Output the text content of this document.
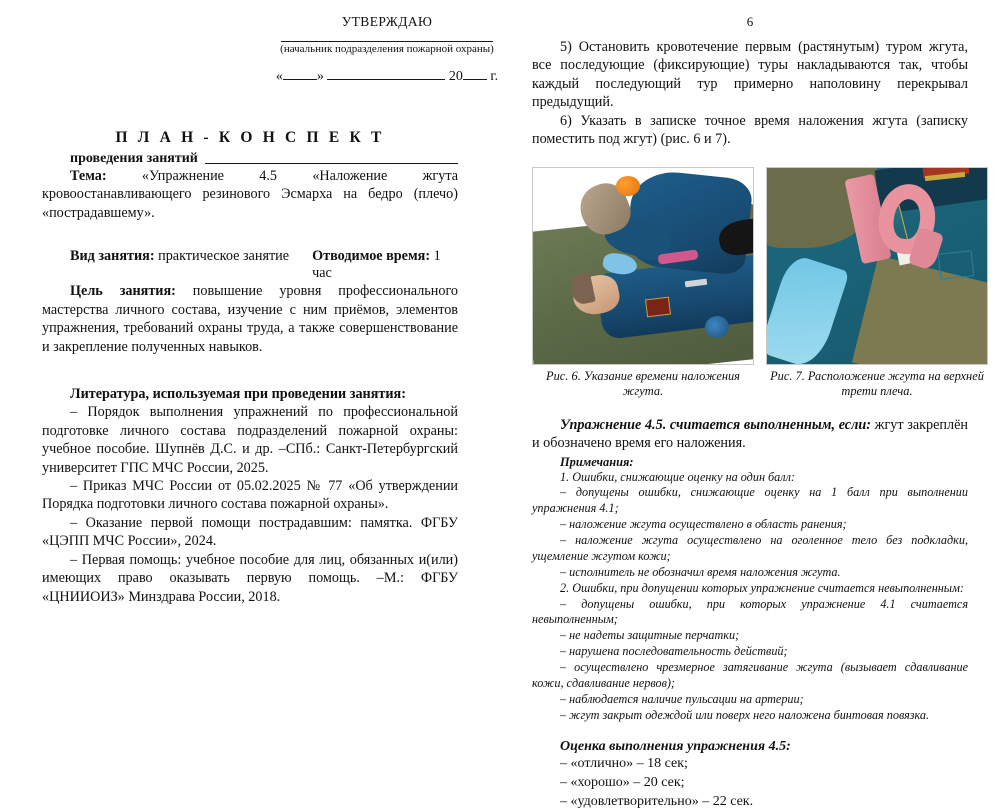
УТВЕРЖДАЮ
(начальник подразделения пожарной охраны)
« »	20 г.
П Л А Н - К О Н С П Е К Т
проведения занятий

Тема: «Упражнение 4.5 «Наложение жгута кровоостанавливающего резинового Эсмарха на бедро (плечо) «пострадавшему».

Вид занятия: практическое занятие	Отводимое время: 1 час

Цель занятия: повышение уровня профессионального мастерства личного состава, изучение с ним приёмов, элементов упражнения, требований охраны труда, а также совершенствование и закрепление полученных навыков.

Литература, используемая при проведении занятия:

– Порядок выполнения упражнений по профессиональной подготовке личного состава подразделений пожарной охраны: учебное пособие. Шупнёв Д.С. и др. –СПб.: Санкт-Петербургский университет ГПС МЧС России, 2025.

– Приказ МЧС России от 05.02.2025 № 77 «Об утверждении Порядка подготовки личного состава пожарной охраны».

– Оказание первой помощи пострадавшим: памятка. ФГБУ «ЦЭПП МЧС России», 2024.

– Первая помощь: учебное пособие для лиц, обязанных и(или) имеющих право оказывать первую помощь. –М.: ФГБУ «ЦНИИОИЗ» Минздрава России, 2018.

6

5) Остановить кровотечение первым (растянутым) туром жгута, все последующие (фиксирующие) туры накладываются так, чтобы каждый последующий тур примерно наполовину перекрывал предыдущий.

6) Указать в записке точное время наложения жгута (записку поместить под жгут) (рис. 6 и 7).

Рис. 6. Указание времени наложения жгута.
Рис. 7. Расположение жгута на верхней трети плеча.

Упражнение 4.5. считается выполненным, если: жгут закреплён и обозначено время его наложения.

Примечания:

1. Ошибки, снижающие оценку на один балл:

– допущены ошибки, снижающие оценку на 1 балл при выполнении упражнения 4.1;

– наложение жгута осуществлено в область ранения;

– наложение жгута осуществлено на оголенное тело без подкладки, ущемление жгутом кожи;

– исполнитель не обозначил время наложения жгута.

2. Ошибки, при допущении которых упражнение считается невыполненным:

– допущены ошибки, при которых упражнение 4.1 считается невыполненным;

– не надеты защитные перчатки;

– нарушена последовательность действий;

– осуществлено чрезмерное затягивание жгута (вызывает сдавливание кожи, сдавливание нервов);

– наблюдается наличие пульсации на артерии;

– жгут закрыт одеждой или поверх него наложена бинтовая повязка.

Оценка выполнения упражнения 4.5:
– «отлично» – 18 сек;
– «хорошо» – 20 сек;
– «удовлетворительно» – 22 сек.
